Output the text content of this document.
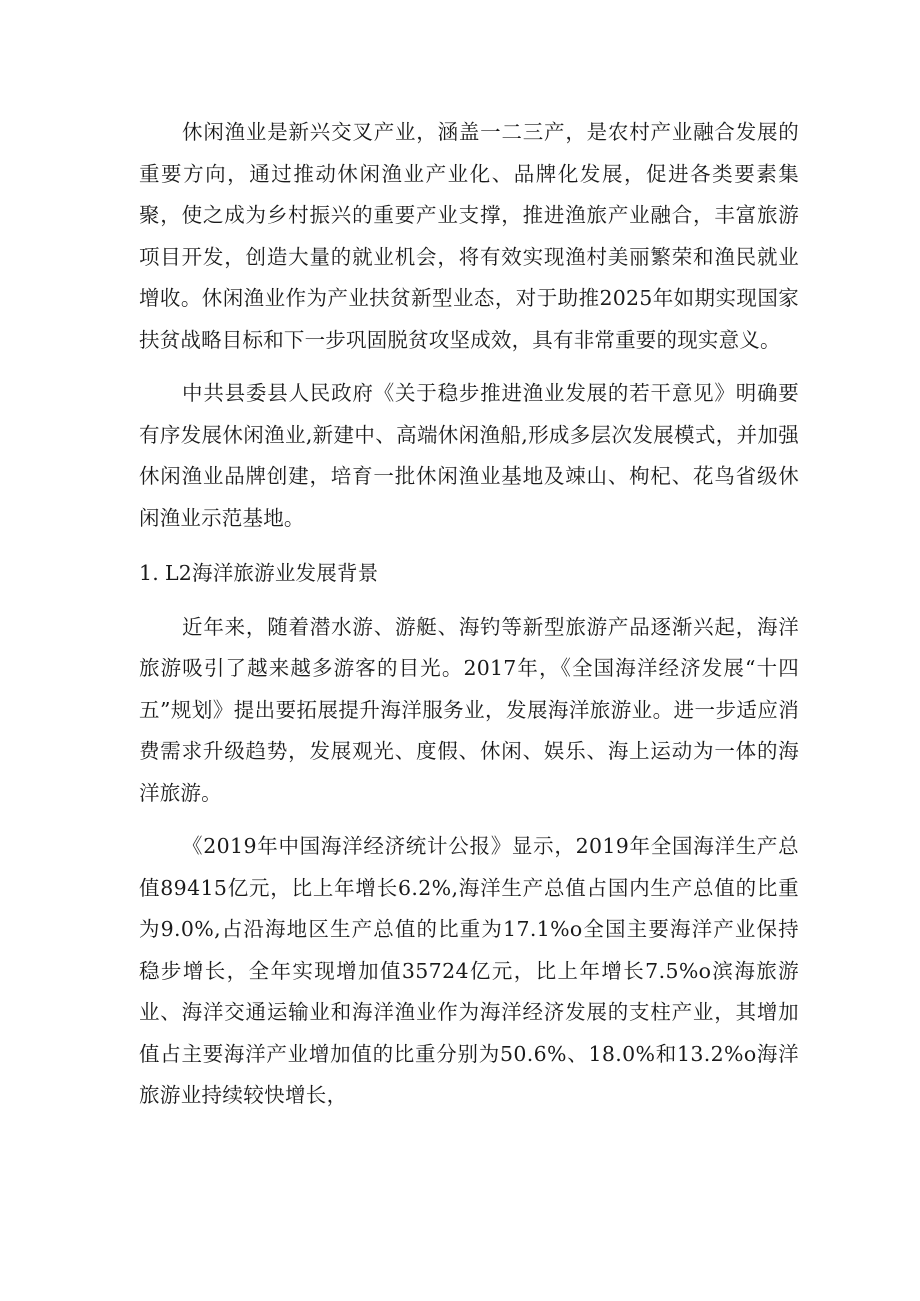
休闲渔业是新兴交叉产业，涵盖一二三产，是农村产业融合发展的重要方向，通过推动休闲渔业产业化、品牌化发展，促进各类要素集聚，使之成为乡村振兴的重要产业支撑，推进渔旅产业融合，丰富旅游项目开发，创造大量的就业机会，将有效实现渔村美丽繁荣和渔民就业增收。休闲渔业作为产业扶贫新型业态，对于助推2025年如期实现国家扶贫战略目标和下一步巩固脱贫攻坚成效，具有非常重要的现实意义。

中共县委县人民政府《关于稳步推进渔业发展的若干意见》明确要有序发展休闲渔业,新建中、高端休闲渔船,形成多层次发展模式，并加强休闲渔业品牌创建，培育一批休闲渔业基地及竦山、枸杞、花鸟省级休闲渔业示范基地。

1. L2海洋旅游业发展背景

近年来，随着潜水游、游艇、海钓等新型旅游产品逐渐兴起，海洋旅游吸引了越来越多游客的目光。2017年，《全国海洋经济发展“十四五”规划》提出要拓展提升海洋服务业，发展海洋旅游业。进一步适应消费需求升级趋势，发展观光、度假、休闲、娱乐、海上运动为一体的海洋旅游。

《2019年中国海洋经济统计公报》显示，2019年全国海洋生产总值89415亿元，比上年增长6.2%,海洋生产总值占国内生产总值的比重为9.0%,占沿海地区生产总值的比重为17.1%o全国主要海洋产业保持稳步增长，全年实现增加值35724亿元，比上年增长7.5%o滨海旅游业、海洋交通运输业和海洋渔业作为海洋经济发展的支柱产业，其增加值占主要海洋产业增加值的比重分别为50.6%、18.0%和13.2%o海洋旅游业持续较快增长，
